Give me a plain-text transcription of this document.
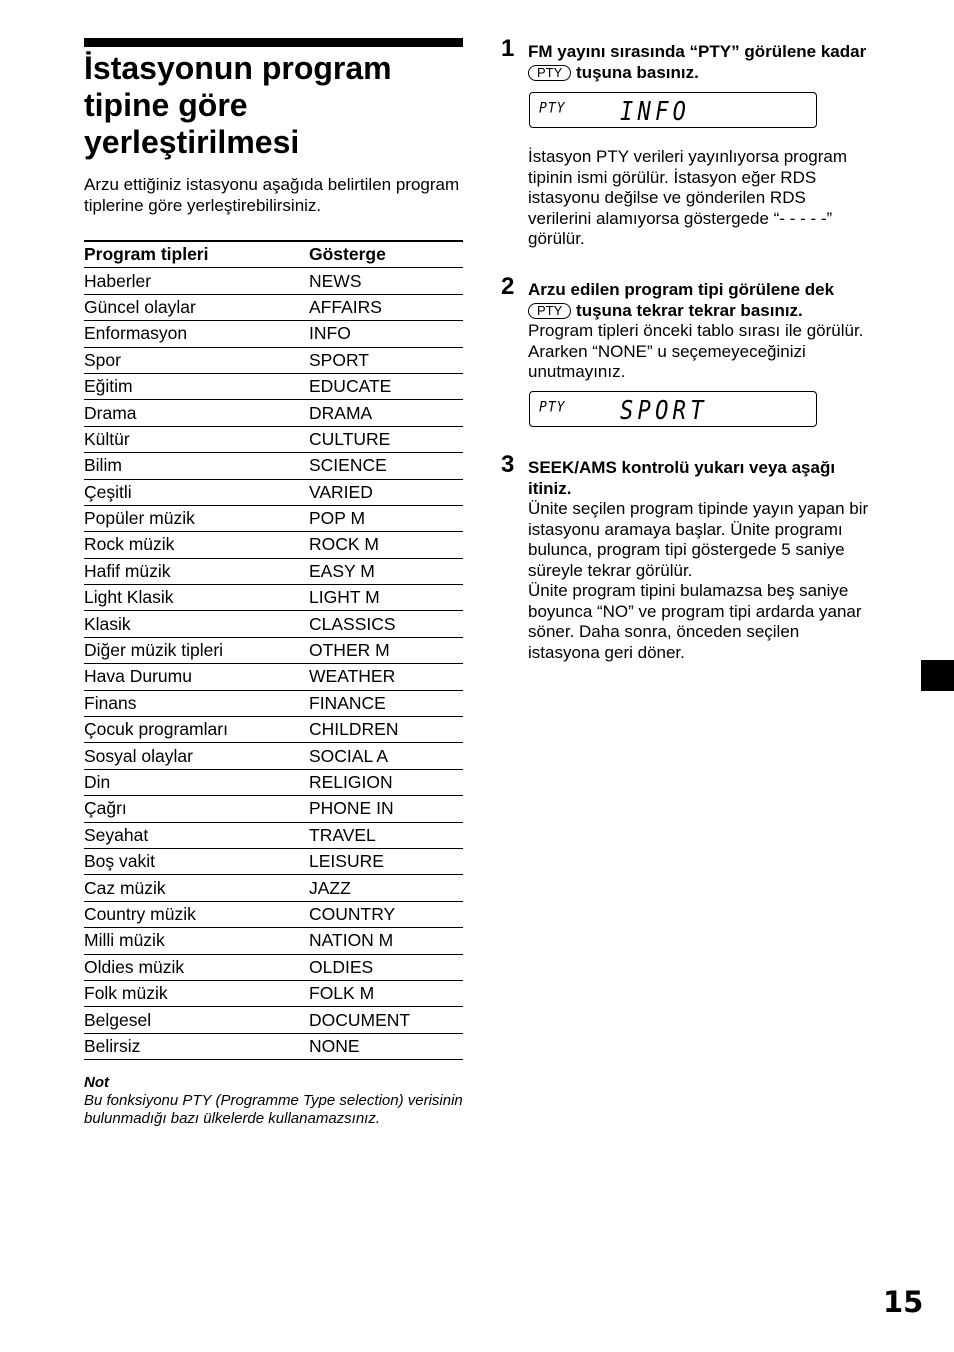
İstasyonun program tipine göre yerleştirilmesi
Arzu ettiğiniz istasyonu aşağıda belirtilen program tiplerine göre yerleştirebilirsiniz.
Program tipleri	Gösterge
Haberler	NEWS
Güncel olaylar	AFFAIRS
Enformasyon	INFO
Spor	SPORT
Eğitim	EDUCATE
Drama	DRAMA
Kültür	CULTURE
Bilim	SCIENCE
Çeşitli	VARIED
Popüler müzik	POP M
Rock müzik	ROCK M
Hafif müzik	EASY M
Light Klasik	LIGHT M
Klasik	CLASSICS
Diğer müzik tipleri	OTHER M
Hava Durumu	WEATHER
Finans	FINANCE
Çocuk programları	CHILDREN
Sosyal olaylar	SOCIAL A
Din	RELIGION
Çağrı	PHONE IN
Seyahat	TRAVEL
Boş vakit	LEISURE
Caz müzik	JAZZ
Country müzik	COUNTRY
Milli müzik	NATION M
Oldies müzik	OLDIES
Folk müzik	FOLK M
Belgesel	DOCUMENT
Belirsiz	NONE
Not
Bu fonksiyonu PTY (Programme Type selection) verisinin bulunmadığı bazı ülkelerde kullanamazsınız.
1 FM yayını sırasında “PTY” görülene kadar PTY tuşuna basınız.
PTY INFO
İstasyon PTY verileri yayınlıyorsa program tipinin ismi görülür. İstasyon eğer RDS istasyonu değilse ve gönderilen RDS verilerini alamıyorsa göstergede “- - - - -” görülür.
2 Arzu edilen program tipi görülene dek
PTY tuşuna tekrar tekrar basınız.
Program tipleri önceki tablo sırası ile görülür. Ararken “NONE” u seçemeyeceğinizi unutmayınız.
PTY SPORT
3 SEEK/AMS kontrolü yukarı veya aşağı itiniz.
Ünite seçilen program tipinde yayın yapan bir istasyonu aramaya başlar. Ünite programı bulunca, program tipi göstergede 5 saniye süreyle tekrar görülür.
Ünite program tipini bulamazsa beş saniye boyunca “NO” ve program tipi ardarda yanar söner. Daha sonra, önceden seçilen istasyona geri döner.
15
